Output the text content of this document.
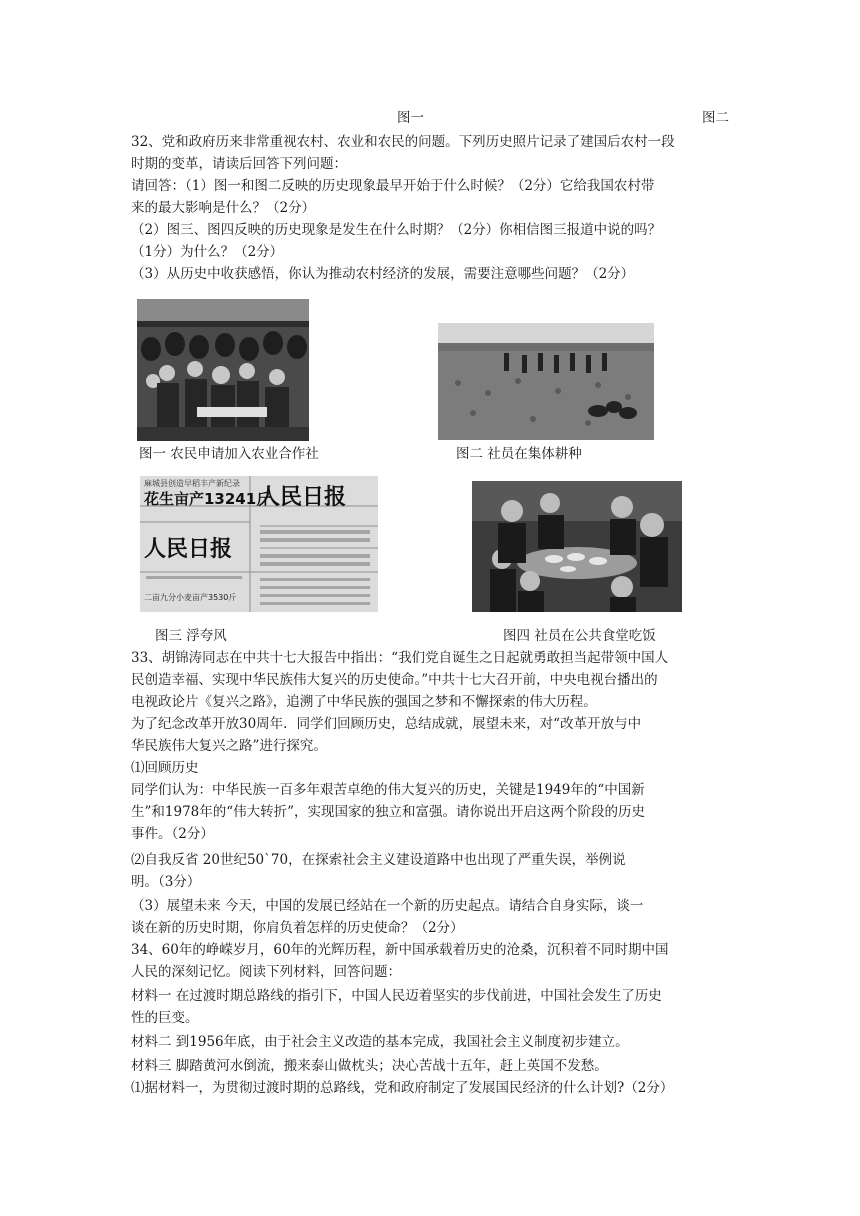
图一	图二
32、党和政府历来非常重视农村、农业和农民的问题。下列历史照片记录了建国后农村一段
时期的变革，请读后回答下列问题：
请回答：（1）图一和图二反映的历史现象最早开始于什么时候？（2分）它给我国农村带
来的最大影响是什么？（2分）
（2）图三、图四反映的历史现象是发生在什么时期？（2分）你相信图三报道中说的吗？
（1分）为什么？（2分）
（3）从历史中收获感悟，你认为推动农村经济的发展，需要注意哪些问题？（2分）
图一 农民申请加入农业合作社	图二 社员在集体耕种
麻城县创造早稻丰产新纪录
花生亩产13241斤
人民日报
人民日报
二亩九分小麦亩产3530斤
图三 浮夸风	图四 社员在公共食堂吃饭
33、胡锦涛同志在中共十七大报告中指出：“我们党自诞生之日起就勇敢担当起带领中国人
民创造幸福、实现中华民族伟大复兴的历史使命。”中共十七大召开前，中央电视台播出的
电视政论片《复兴之路》，追溯了中华民族的强国之梦和不懈探索的伟大历程。
为了纪念改革开放30周年．同学们回顾历史，总结成就，展望未来，对“改革开放与中
华民族伟大复兴之路”进行探究。
⑴回顾历史
同学们认为：中华民族一百多年艰苦卓绝的伟大复兴的历史，关键是1949年的“中国新
生”和1978年的“伟大转折”，实现国家的独立和富强。请你说出开启这两个阶段的历史
事件。（2分）
⑵自我反省 20世纪50`70，在探索社会主义建设道路中也出现了严重失误，举例说
明。（3分）
（3）展望未来 今天，中国的发展已经站在一个新的历史起点。请结合自身实际，谈一
谈在新的历史时期，你肩负着怎样的历史使命？（2分）
34、60年的峥嵘岁月，60年的光辉历程，新中国承载着历史的沧桑，沉积着不同时期中国
人民的深刻记忆。阅读下列材料，回答问题：
材料一 在过渡时期总路线的指引下，中国人民迈着坚实的步伐前进，中国社会发生了历史
性的巨变。
材料二 到1956年底，由于社会主义改造的基本完成，我国社会主义制度初步建立。
材料三 脚踏黄河水倒流，搬来泰山做枕头；决心苦战十五年，赶上英国不发愁。
⑴据材料一，为贯彻过渡时期的总路线，党和政府制定了发展国民经济的什么计划?（2分）
